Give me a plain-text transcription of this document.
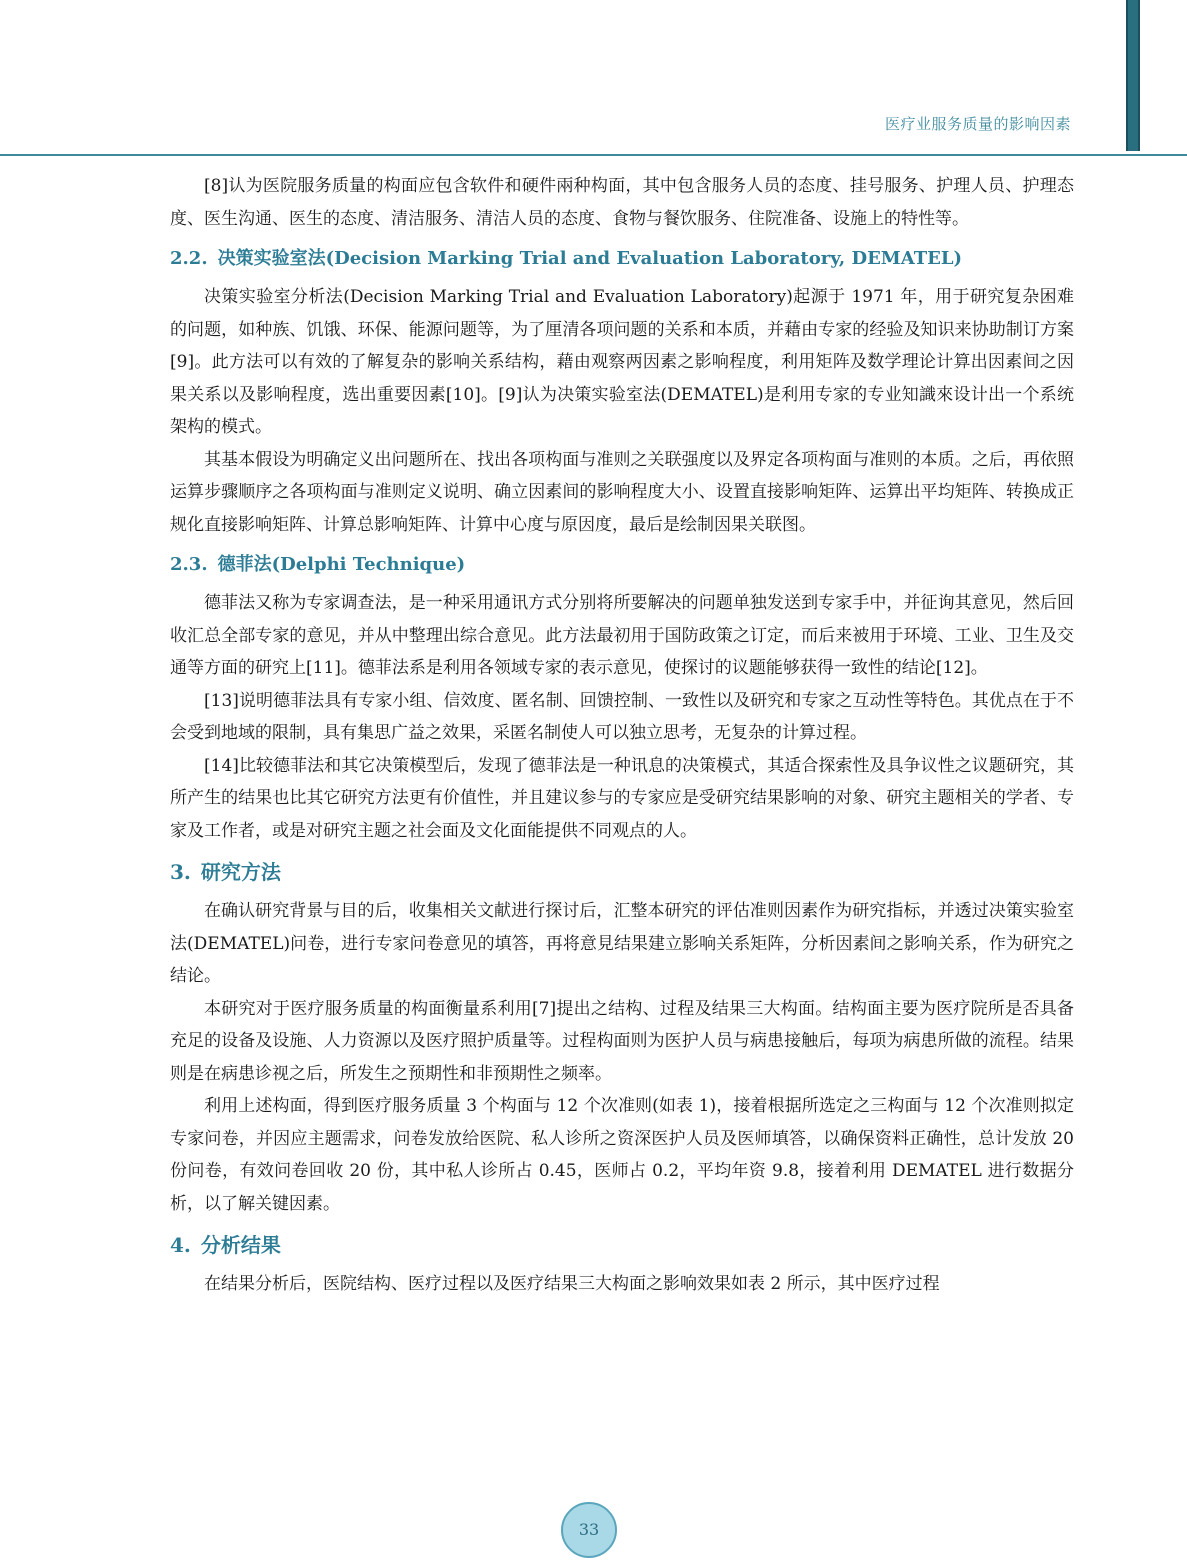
医疗业服务质量的影响因素

[8]认为医院服务质量的构面应包含软件和硬件兩种构面，其中包含服务人员的态度、挂号服务、护理人员、护理态度、医生沟通、医生的态度、清洁服务、清洁人员的态度、食物与餐饮服务、住院准备、设施上的特性等。

2.2. 决策实验室法(Decision Marking Trial and Evaluation Laboratory, DEMATEL)

决策实验室分析法(Decision Marking Trial and Evaluation Laboratory)起源于 1971 年，用于研究复杂困难的问题，如种族、饥饿、环保、能源问题等，为了厘清各项问题的关系和本质，并藉由专家的经验及知识来协助制订方案[9]。此方法可以有效的了解复杂的影响关系结构，藉由观察两因素之影响程度，利用矩阵及数学理论计算出因素间之因果关系以及影响程度，选出重要因素[10]。[9]认为决策实验室法(DEMATEL)是利用专家的专业知識來设计出一个系统架构的模式。

其基本假设为明确定义出问题所在、找出各项构面与准则之关联强度以及界定各项构面与准则的本质。之后，再依照运算步骤顺序之各项构面与准则定义说明、确立因素间的影响程度大小、设置直接影响矩阵、运算出平均矩阵、转换成正规化直接影响矩阵、计算总影响矩阵、计算中心度与原因度，最后是绘制因果关联图。

2.3. 德菲法(Delphi Technique)

德菲法又称为专家调查法，是一种采用通讯方式分别将所要解决的问题单独发送到专家手中，并征询其意见，然后回收汇总全部专家的意见，并从中整理出综合意见。此方法最初用于国防政策之订定，而后来被用于环境、工业、卫生及交通等方面的研究上[11]。德菲法系是利用各领域专家的表示意见，使探讨的议题能够获得一致性的结论[12]。

[13]说明德菲法具有专家小组、信效度、匿名制、回馈控制、一致性以及研究和专家之互动性等特色。其优点在于不会受到地域的限制，具有集思广益之效果，采匿名制使人可以独立思考，无复杂的计算过程。

[14]比较德菲法和其它决策模型后，发现了德菲法是一种讯息的决策模式，其适合探索性及具争议性之议题研究，其所产生的结果也比其它研究方法更有价值性，并且建议参与的专家应是受研究结果影响的对象、研究主题相关的学者、专家及工作者，或是对研究主题之社会面及文化面能提供不同观点的人。

3. 研究方法

在确认研究背景与目的后，收集相关文献进行探讨后，汇整本研究的评估准则因素作为研究指标，并透过决策实验室法(DEMATEL)问卷，进行专家问卷意见的填答，再将意見结果建立影响关系矩阵，分析因素间之影响关系，作为研究之结论。

本研究对于医疗服务质量的构面衡量系利用[7]提出之结构、过程及结果三大构面。结构面主要为医疗院所是否具备充足的设备及设施、人力资源以及医疗照护质量等。过程构面则为医护人员与病患接触后，每项为病患所做的流程。结果则是在病患诊视之后，所发生之预期性和非预期性之频率。

利用上述构面，得到医疗服务质量 3 个构面与 12 个次准则(如表 1)，接着根据所选定之三构面与 12 个次准则拟定专家问卷，并因应主题需求，问卷发放给医院、私人诊所之资深医护人员及医师填答，以确保资料正确性，总计发放 20 份问卷，有效问卷回收 20 份，其中私人诊所占 0.45，医师占 0.2，平均年资 9.8，接着利用 DEMATEL 进行数据分析，以了解关键因素。

4. 分析结果

在结果分析后，医院结构、医疗过程以及医疗结果三大构面之影响效果如表 2 所示，其中医疗过程

33
